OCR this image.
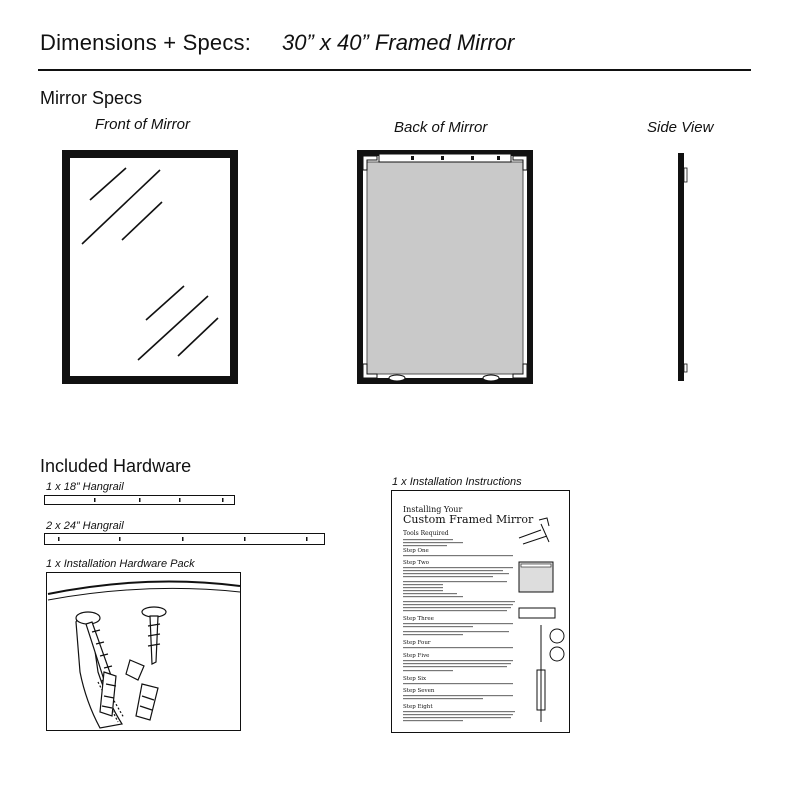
Dimensions + Specs: 30” x 40” Framed Mirror
Mirror Specs
Front of Mirror	Back of Mirror	Side View
Included Hardware
1 x 18” Hangrail
2 x 24” Hangrail
1 x Installation Hardware Pack
1 x Installation Instructions
Installing Your
Custom Framed Mirror
Tools Required
Step One
Step Two
Step Three
Step Four
Step Five
Step Six
Step Seven
Step Eight
